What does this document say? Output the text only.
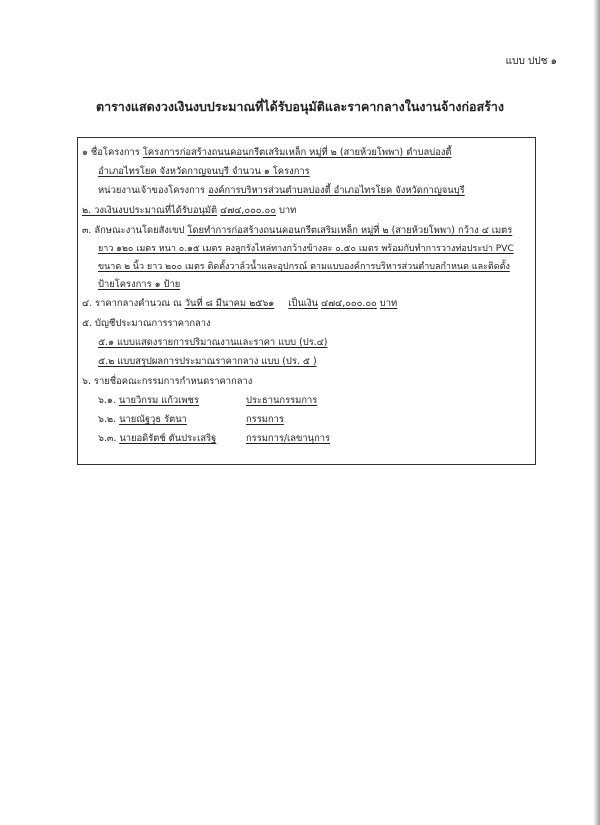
แบบ ปปช ๑
ตารางแสดงวงเงินงบประมาณที่ได้รับอนุมัติและราคากลางในงานจ้างก่อสร้าง
๑ ชื่อโครงการ โครงการก่อสร้างถนนคอนกรีตเสริมเหล็ก หมู่ที่ ๒ (สายห้วยโพพา) ตำบลบ่องตี้
อำเภอไทรโยค จังหวัดกาญจนบุรี จำนวน ๑ โครงการ
หน่วยงานเจ้าของโครงการ องค์การบริหารส่วนตำบลบ่องตี้ อำเภอไทรโยค จังหวัดกาญจนบุรี
๒. วงเงินงบประมาณที่ได้รับอนุมัติ ๔๗๔,๐๐๐.๐๐ บาท
๓. ลักษณะงานโดยสังเขป โดยทำการก่อสร้างถนนคอนกรีตเสริมเหล็ก หมู่ที่ ๒ (สายห้วยโพพา) กว้าง ๔ เมตร
ยาว ๑๒๐ เมตร หนา ๐.๑๕ เมตร ลงลูกรังไหล่ทางกว้างข้างละ ๐.๕๐ เมตร พร้อมกับทำการวางท่อประปา PVC
ขนาด ๒ นิ้ว ยาว ๒๐๐ เมตร ติดตั้งวาล์วน้ำและอุปกรณ์ ตามแบบองค์การบริหารส่วนตำบลกำหนด และติดตั้ง
ป้ายโครงการ ๑ ป้าย
๔. ราคากลางคำนวณ ณ วันที่ ๘ มีนาคม ๒๕๖๑ เป็นเงิน ๔๗๔,๐๐๐.๐๐ บาท
๕. บัญชีประมาณการราคากลาง
๕.๑ แบบแสดงรายการปริมาณงานและราคา แบบ (ปร.๔)
๕.๒ แบบสรุปผลการประมาณราคากลาง แบบ (ปร. ๕ )
๖. รายชื่อคณะกรรมการกำหนดราคากลาง
๖.๑. นายวิกรม แก้วเพชร	ประธานกรรมการ
๖.๒. นายณัฐวุธ รัตนา	กรรมการ
๖.๓. นายอดิรัตช์ ตันประเสริฐ	กรรมการ/เลขานุการ
